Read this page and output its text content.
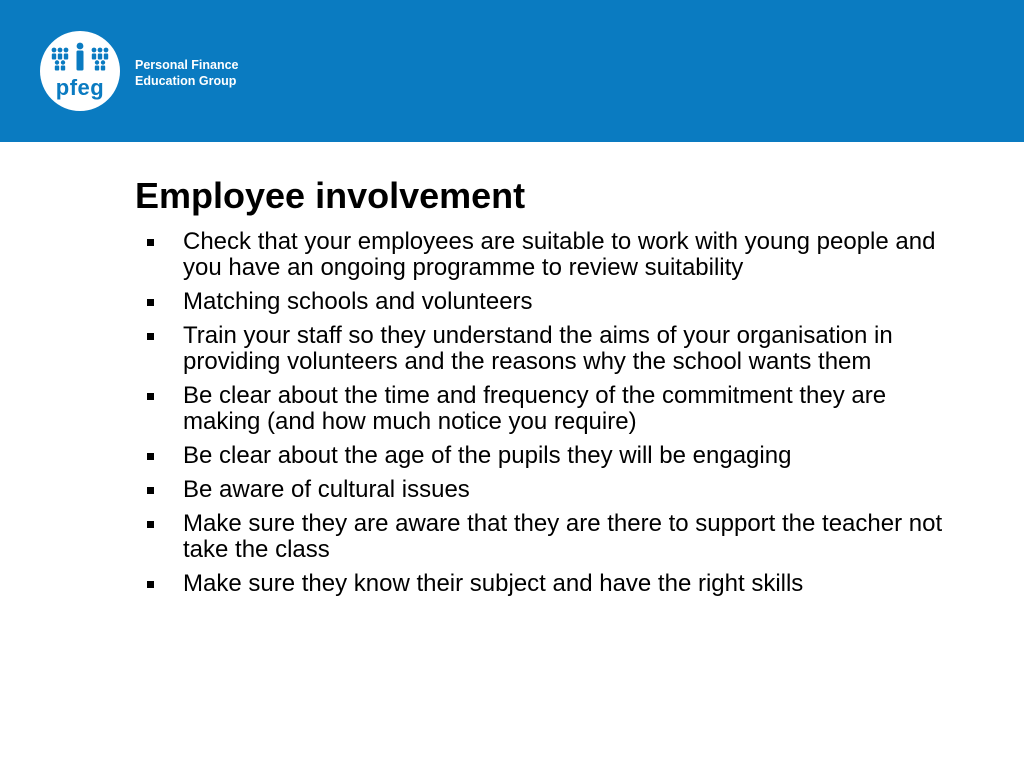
pfeg
Personal Finance
Education Group
Employee involvement
Check that your employees are suitable to work with young people and you have an ongoing programme to review suitability
Matching schools and volunteers
Train your staff so they understand the aims of your organisation in providing volunteers and the reasons why the school wants them
Be clear about the time and frequency of the commitment they are making (and how much notice you require)
Be clear about the age of the pupils they will be engaging
Be aware of cultural issues
Make sure they are aware that they are there to support the teacher not take the class
Make sure they know their subject and have the right skills
